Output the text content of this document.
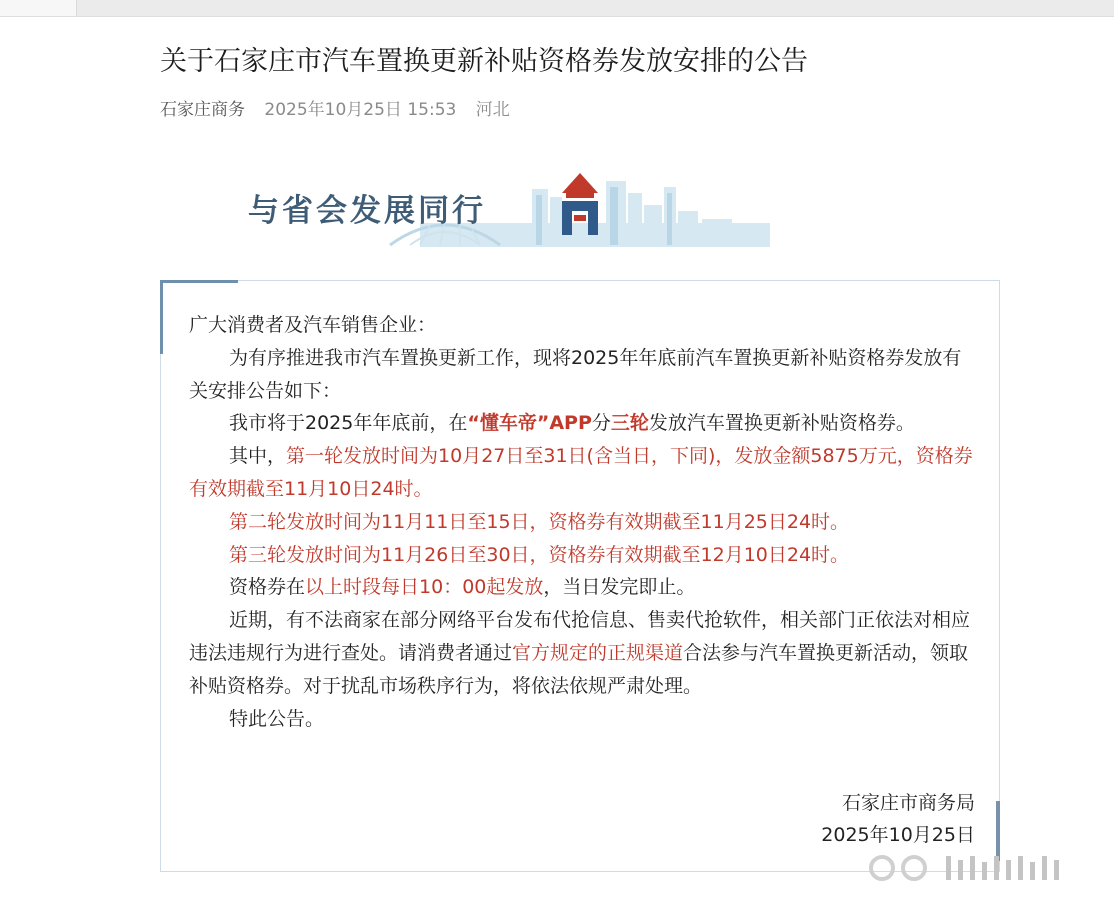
关于石家庄市汽车置换更新补贴资格券发放安排的公告
石家庄商务 2025年10月25日 15:53 河北
与省会发展同行

广大消费者及汽车销售企业：

为有序推进我市汽车置换更新工作，现将2025年年底前汽车置换更新补贴资格券发放有关安排公告如下：

我市将于2025年年底前，在“懂车帝”APP分三轮发放汽车置换更新补贴资格券。

其中，第一轮发放时间为10月27日至31日(含当日，下同)，发放金额5875万元，资格券有效期截至11月10日24时。

第二轮发放时间为11月11日至15日，资格券有效期截至11月25日24时。

第三轮发放时间为11月26日至30日，资格券有效期截至12月10日24时。

资格券在以上时段每日10：00起发放，当日发完即止。

近期，有不法商家在部分网络平台发布代抢信息、售卖代抢软件，相关部门正依法对相应违法违规行为进行查处。请消费者通过官方规定的正规渠道合法参与汽车置换更新活动，领取补贴资格券。对于扰乱市场秩序行为，将依法依规严肃处理。

特此公告。

石家庄市商务局
2025年10月25日
